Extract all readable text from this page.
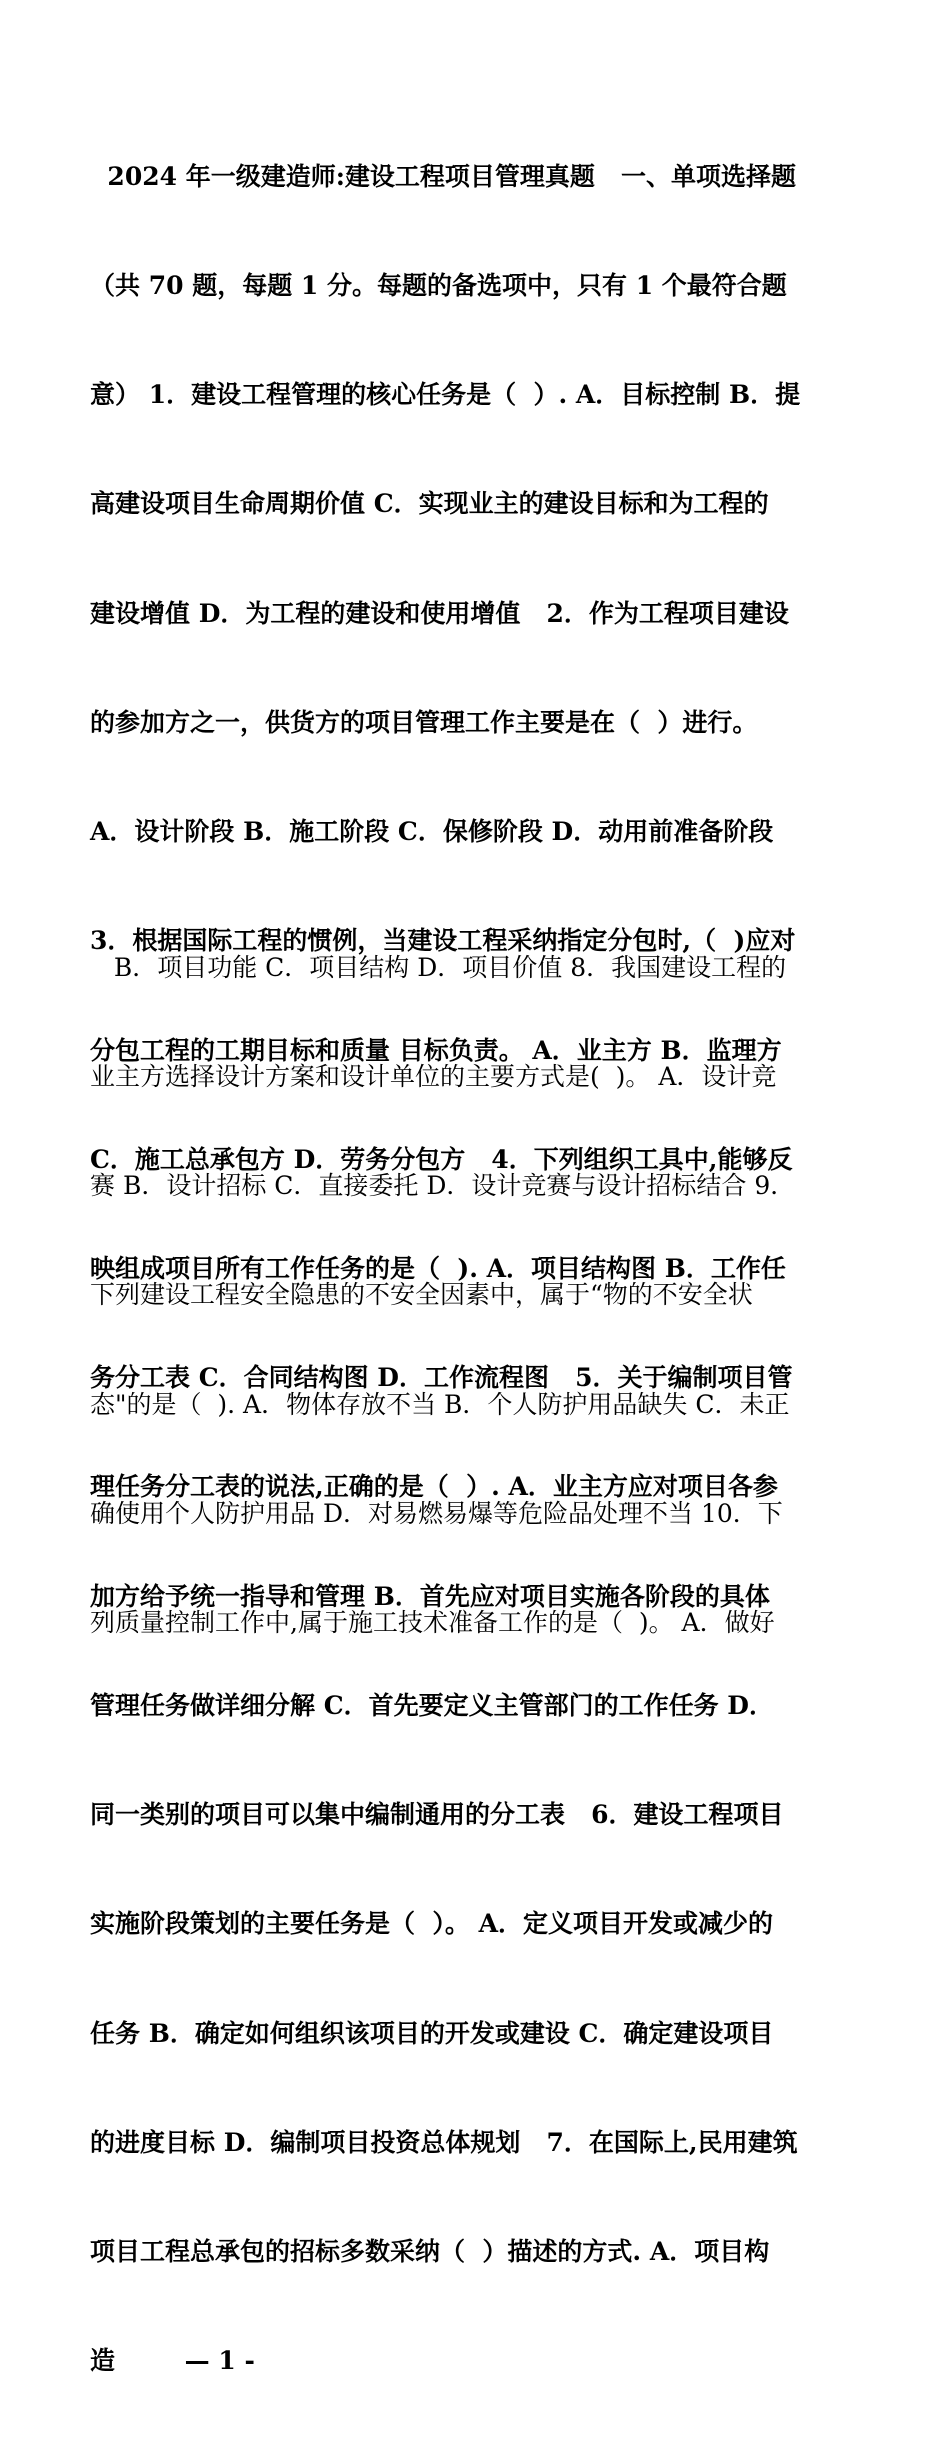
2024 年一级建造师:建设工程项目管理真题   一、单项选择题

（共 70 题，每题 1 分。每题的备选项中，只有 1 个最符合题

意） 1．建设工程管理的核心任务是（  ）. A．目标控制 B．提

高建设项目生命周期价值 C．实现业主的建设目标和为工程的

建设增值 D．为工程的建设和使用增值   2．作为工程项目建设

的参加方之一，供货方的项目管理工作主要是在（  ）进行。

A．设计阶段 B．施工阶段 C．保修阶段 D．动用前准备阶段

3．根据国际工程的惯例，当建设工程采纳指定分包时,（  )应对

分包工程的工期目标和质量 目标负责。 A．业主方 B．监理方

C．施工总承包方 D．劳务分包方   4．下列组织工具中,能够反

映组成项目所有工作任务的是（  ). A．项目结构图 B．工作任

务分工表 C．合同结构图 D．工作流程图   5．关于编制项目管

理任务分工表的说法,正确的是（  ）. A．业主方应对项目各参

加方给予统一指导和管理 B．首先应对项目实施各阶段的具体

管理任务做详细分解 C．首先要定义主管部门的工作任务 D．

同一类别的项目可以集中编制通用的分工表   6．建设工程项目

实施阶段策划的主要任务是（  ）。 A．定义项目开发或减少的

任务 B．确定如何组织该项目的开发或建设 C．确定建设项目

的进度目标 D．编制项目投资总体规划   7．在国际上,民用建筑

项目工程总承包的招标多数采纳（  ）描述的方式. A．项目构

造	— 1 -

B．项目功能 C．项目结构 D．项目价值 8．我国建设工程的

业主方选择设计方案和设计单位的主要方式是(  )。 A．设计竞

赛 B．设计招标 C．直接委托 D．设计竞赛与设计招标结合 9．

下列建设工程安全隐患的不安全因素中，属于“物的不安全状

态"的是（  ). A．物体存放不当 B．个人防护用品缺失 C．未正

确使用个人防护用品 D．对易燃易爆等危险品处理不当 10．下

列质量控制工作中,属于施工技术准备工作的是（  )。 A．做好
